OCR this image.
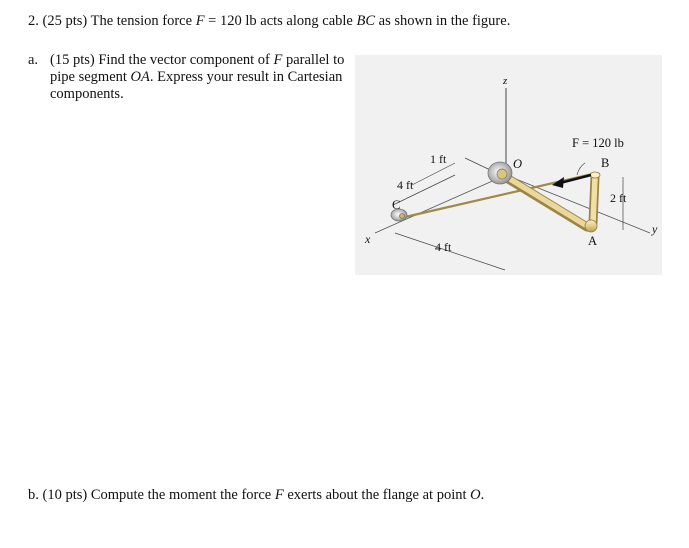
2. (25 pts) The tension force F = 120 lb acts along cable BC as shown in the figure.
a. (15 pts) Find the vector component of F parallel to
pipe segment OA. Express your result in Cartesian
components.
b. (10 pts) Compute the moment the force F exerts about the flange at point O.
z
x
y
1 ft
4 ft
4 ft
2 ft
F = 120 lb
O	B
A
C
